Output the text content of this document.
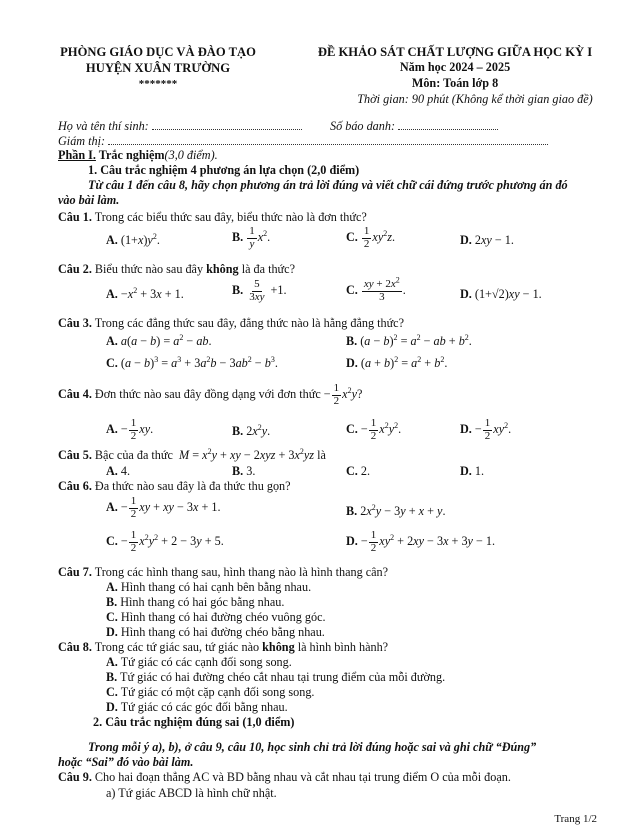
PHÒNG GIÁO DỤC VÀ ĐÀO TẠO
HUYỆN XUÂN TRƯỜNG
*******
ĐỀ KHẢO SÁT CHẤT LƯỢNG GIỮA HỌC KỲ I
Năm học 2024 – 2025
Môn: Toán lớp 8
Thời gian: 90 phút (Không kể thời gian giao đề)
Họ và tên thí sinh:	Số báo danh:
Giám thị:
Phần I. Trắc nghiệm(3,0 điểm).
1. Câu trắc nghiệm 4 phương án lựa chọn (2,0 điểm)
Từ câu 1 đến câu 8, hãy chọn phương án trả lời đúng và viết chữ cái đứng trước phương án đó
vào bài làm.
Câu 1. Trong các biểu thức sau đây, biểu thức nào là đơn thức?
A. $(1+x)y^2$.	B. $\frac{1}{y} x^2$.	C. $\frac{1}{2} xy^2z$.	D. 2xy − 1.
Câu 2. Biểu thức nào sau đây không là đa thức?
A. $-x^2 + 3x + 1$.	B. $\frac{5}{3xy} +1$.	C. $\frac{xy + 2x^2}{3}$ .	D. (1+√2)xy − 1.
Câu 3. Trong các đẳng thức sau đây, đẳng thức nào là hằng đẳng thức?
A. $a(a - b) = a^2$ − ab.	B. $(a - b)^2 = a^2$ − ab + $b^2$.
C. $(a - b)^3 = a^3 + 3a^2b - 3ab^2 - b^3$.	D. $(a + b)^2 = a^2 + b^2$.
Câu 4. Đơn thức nào sau đây đồng dạng với đơn thức − $\frac{1}{2} x^2y$?
A. − $\frac{1}{2}$ xy.	B. $2x^2y$.	C. − $\frac{1}{2} x^2y^2$.	D. − $\frac{1}{2} xy^2$.
Câu 5. Bậc của đa thức $M = x^2y$ + xy − $2xyz + 3x^2yz$ là
A. 4.	B. 3.	C. 2.	D. 1.
Câu 6. Đa thức nào sau đây là đa thức thu gọn?
A. − $\frac{1}{2}$ xy + xy − 3x + 1.	B. $2x^2y - 3y + x + y$.
C. − $\frac{1}{2} x^2y^2 + 2 - 3y + 5$.	D. − $\frac{1}{2} xy^2 + 2xy - 3x + 3y - 1$.
Câu 7. Trong các hình thang sau, hình thang nào là hình thang cân?
A. Hình thang có hai cạnh bên bằng nhau.
B. Hình thang có hai góc bằng nhau.
C. Hình thang có hai đường chéo vuông góc.
D. Hình thang có hai đường chéo bằng nhau.
Câu 8. Trong các tứ giác sau, tứ giác nào không là hình bình hành?
A. Tứ giác có các cạnh đối song song.
B. Tứ giác có hai đường chéo cắt nhau tại trung điểm của mỗi đường.
C. Tứ giác có một cặp cạnh đối song song.
D. Tứ giác có các góc đối bằng nhau.
2. Câu trắc nghiệm đúng sai (1,0 điểm)
Trong mỗi ý a), b), ở câu 9, câu 10, học sinh chỉ trả lời đúng hoặc sai và ghi chữ “Đúng”
hoặc “Sai” đó vào bài làm.
Câu 9. Cho hai đoạn thẳng AC và BD bằng nhau và cắt nhau tại trung điểm O của mỗi đoạn.
a) Tứ giác ABCD là hình chữ nhật.
Trang 1/2
